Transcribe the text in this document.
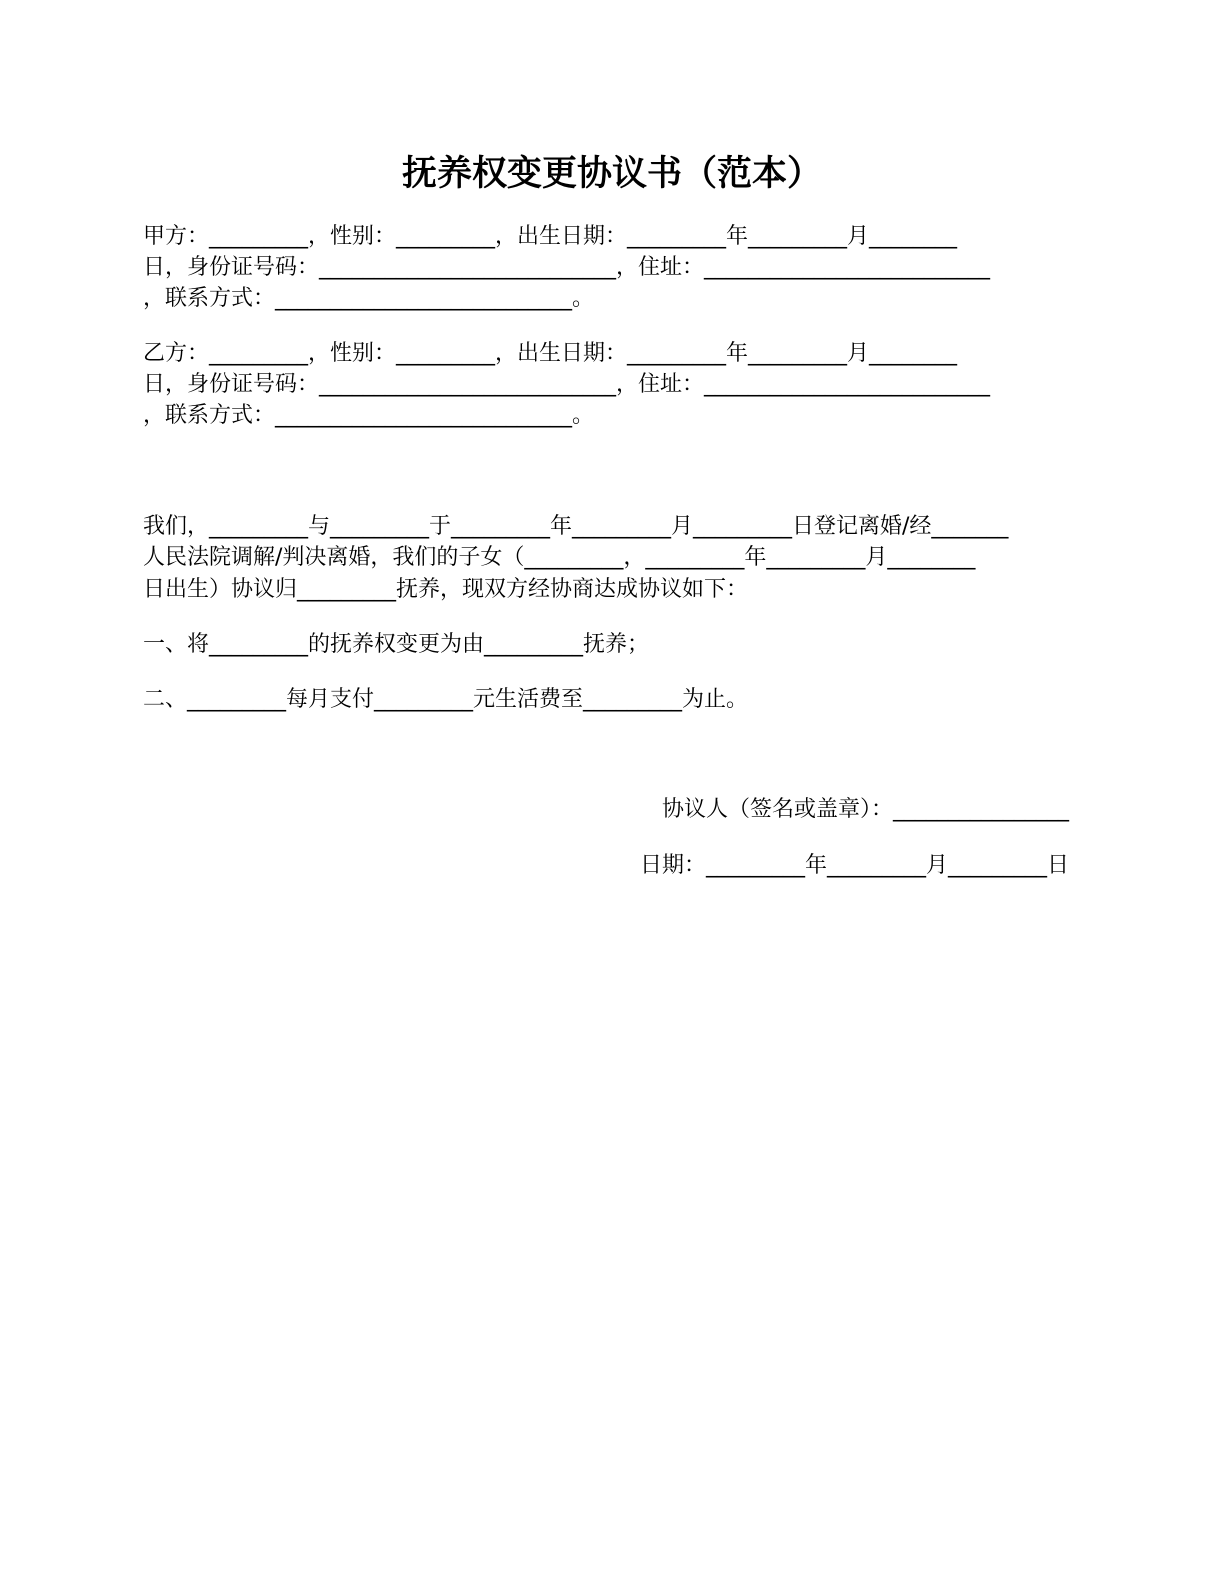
抚养权变更协议书（范本）
甲方：_________，性别：_________，出生日期：_________年_________月________
日，身份证号码：___________________________，住址：__________________________
，联系方式：___________________________。
乙方：_________，性别：_________，出生日期：_________年_________月________
日，身份证号码：___________________________，住址：__________________________
，联系方式：___________________________。
我们，_________与_________于_________年_________月_________日登记离婚/经_______
人民法院调解/判决离婚，我们的子女（_________，_________年_________月________
日出生）协议归_________抚养，现双方经协商达成协议如下：
一、将_________的抚养权变更为由_________抚养；
二、_________每月支付_________元生活费至_________为止。
协议人（签名或盖章）：________________
日期：_________年_________月_________日
